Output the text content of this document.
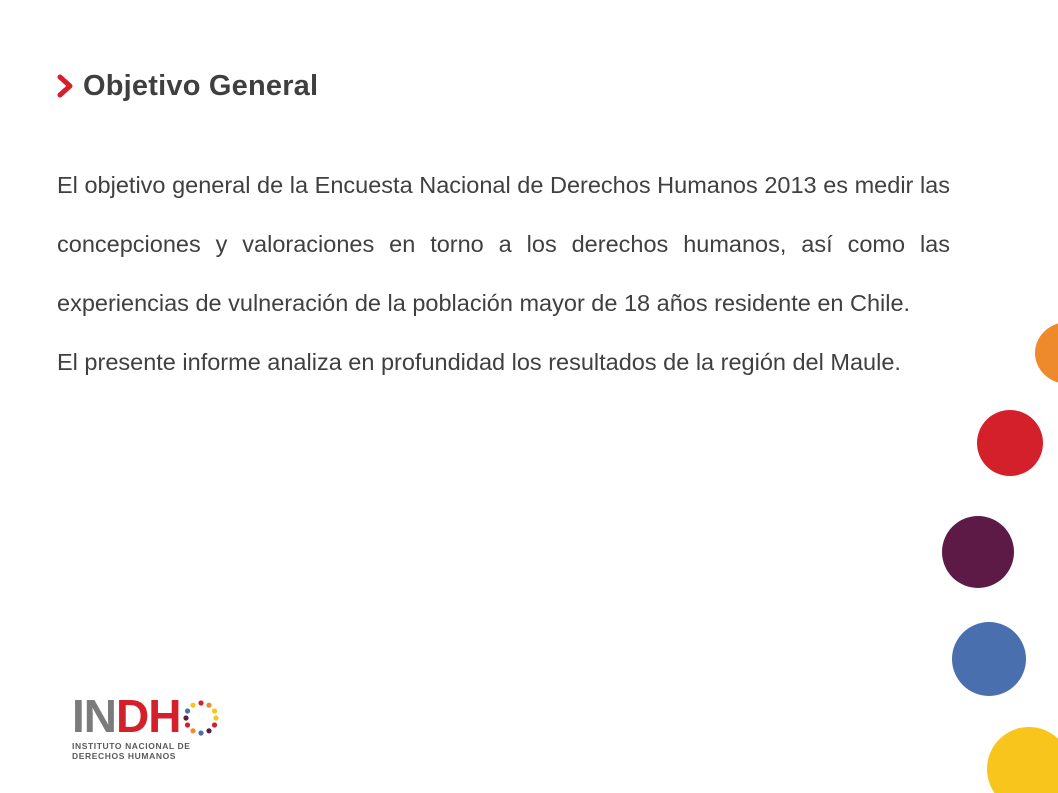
Objetivo General

El objetivo general de la Encuesta Nacional de Derechos Humanos 2013 es medir las concepciones y valoraciones en torno a los derechos humanos, así como las experiencias de vulneración de la población mayor de 18 años residente en Chile.

El presente informe analiza en profundidad los resultados de la región del Maule.

IN DH
INSTITUTO NACIONAL DE
DERECHOS HUMANOS
